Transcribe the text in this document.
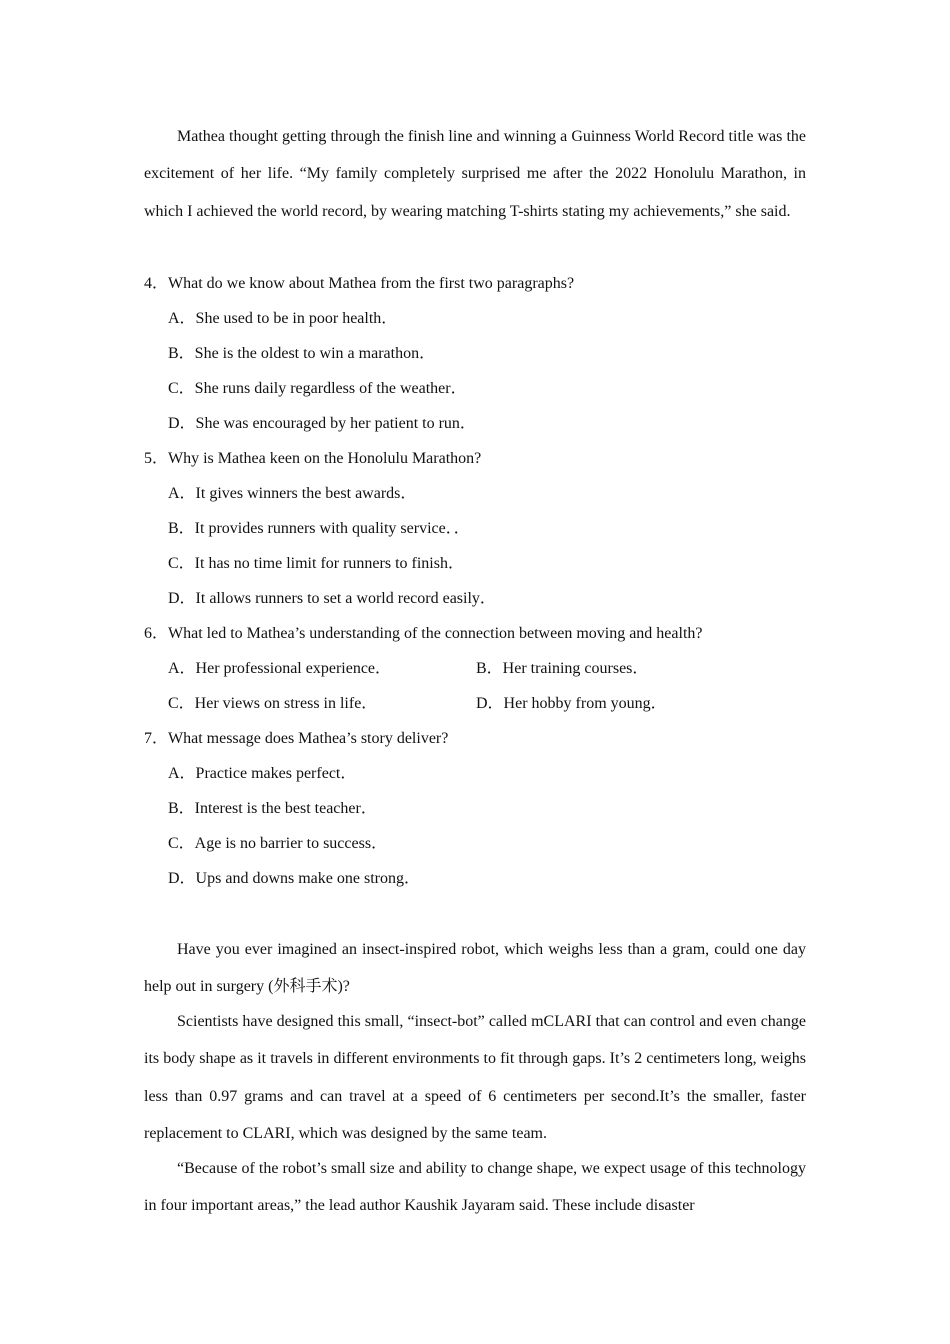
Mathea thought getting through the finish line and winning a Guinness World Record title was the excitement of her life. “My family completely surprised me after the 2022 Honolulu Marathon, in which I achieved the world record, by wearing matching T-shirts stating my achievements,” she said.

4．What do we know about Mathea from the first two paragraphs?

A．She used to be in poor health．

B．She is the oldest to win a marathon．

C．She runs daily regardless of the weather．

D．She was encouraged by her patient to run．

5．Why is Mathea keen on the Honolulu Marathon?

A．It gives winners the best awards．

B．It provides runners with quality service．．

C．It has no time limit for runners to finish．

D．It allows runners to set a world record easily．

6．What led to Mathea’s understanding of the connection between moving and health?

A．Her professional experience．	B．Her training courses．

C．Her views on stress in life．	D．Her hobby from young．

7．What message does Mathea’s story deliver?

A．Practice makes perfect．

B．Interest is the best teacher．

C．Age is no barrier to success．

D．Ups and downs make one strong．

Have you ever imagined an insect-inspired robot, which weighs less than a gram, could one day help out in surgery (外科手术)?

Scientists have designed this small, “insect-bot” called mCLARI that can control and even change its body shape as it travels in different environments to fit through gaps. It’s 2 centimeters long, weighs less than 0.97 grams and can travel at a speed of 6 centimeters per second.It’s the smaller, faster replacement to CLARI, which was designed by the same team.

“Because of the robot’s small size and ability to change shape, we expect usage of this technology in four important areas,” the lead author Kaushik Jayaram said. These include disaster
